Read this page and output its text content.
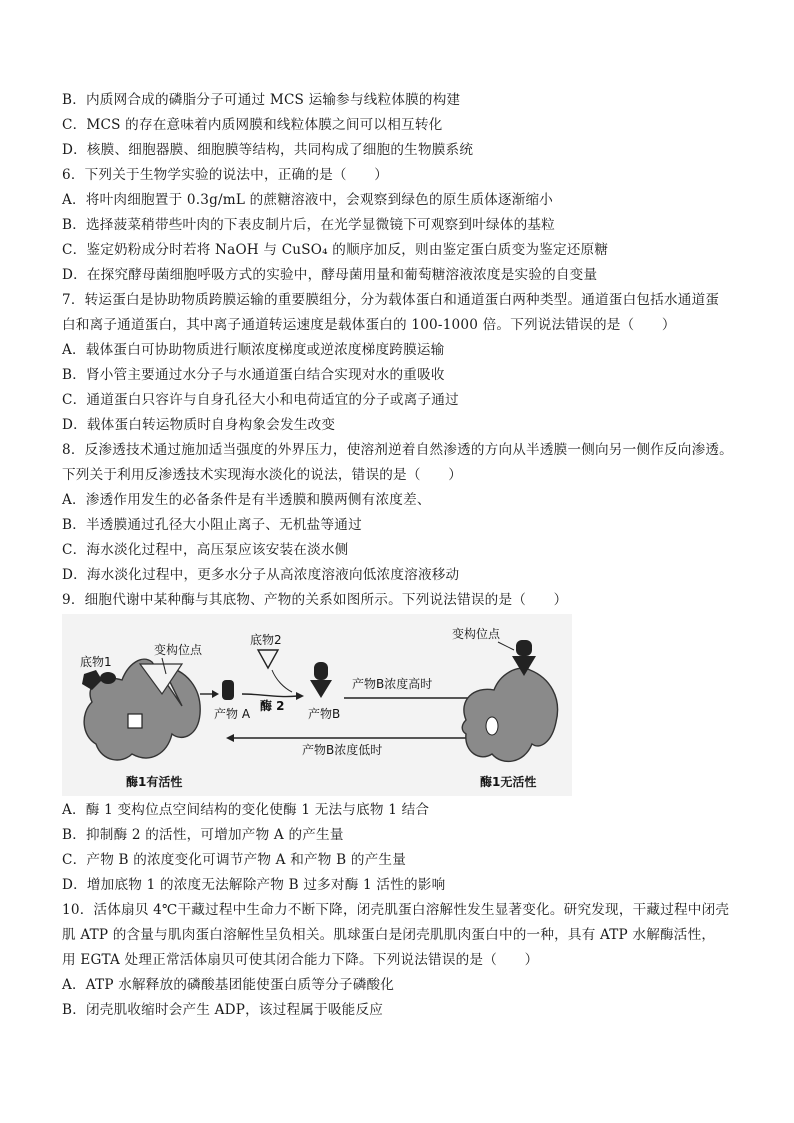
B．内质网合成的磷脂分子可通过 MCS 运输参与线粒体膜的构建
C．MCS 的存在意味着内质网膜和线粒体膜之间可以相互转化
D．核膜、细胞器膜、细胞膜等结构，共同构成了细胞的生物膜系统
6．下列关于生物学实验的说法中，正确的是（　　）
A．将叶肉细胞置于 0.3g/mL 的蔗糖溶液中，会观察到绿色的原生质体逐渐缩小
B．选择菠菜稍带些叶肉的下表皮制片后，在光学显微镜下可观察到叶绿体的基粒
C．鉴定奶粉成分时若将 NaOH 与 CuSO₄ 的顺序加反，则由鉴定蛋白质变为鉴定还原糖
D．在探究酵母菌细胞呼吸方式的实验中，酵母菌用量和葡萄糖溶液浓度是实验的自变量
7．转运蛋白是协助物质跨膜运输的重要膜组分，分为载体蛋白和通道蛋白两种类型。通道蛋白包括水通道蛋
白和离子通道蛋白，其中离子通道转运速度是载体蛋白的 100-1000 倍。下列说法错误的是（　　）
A．载体蛋白可协助物质进行顺浓度梯度或逆浓度梯度跨膜运输
B．肾小管主要通过水分子与水通道蛋白结合实现对水的重吸收
C．通道蛋白只容许与自身孔径大小和电荷适宜的分子或离子通过
D．载体蛋白转运物质时自身构象会发生改变
8．反渗透技术通过施加适当强度的外界压力，使溶剂逆着自然渗透的方向从半透膜一侧向另一侧作反向渗透。
下列关于利用反渗透技术实现海水淡化的说法，错误的是（　　）
A．渗透作用发生的必备条件是有半透膜和膜两侧有浓度差、
B．半透膜通过孔径大小阻止离子、无机盐等通过
C．海水淡化过程中，高压泵应该安装在淡水侧
D．海水淡化过程中，更多水分子从高浓度溶液向低浓度溶液移动
9．细胞代谢中某种酶与其底物、产物的关系如图所示。下列说法错误的是（　　）
底物1
变构位点
产物 A
底物2
酶 2
产物B
产物B浓度高时
产物B浓度低时
变构位点
酶1有活性	酶1无活性
A．酶 1 变构位点空间结构的变化使酶 1 无法与底物 1 结合
B．抑制酶 2 的活性，可增加产物 A 的产生量
C．产物 B 的浓度变化可调节产物 A 和产物 B 的产生量
D．增加底物 1 的浓度无法解除产物 B 过多对酶 1 活性的影响
10．活体扇贝 4℃干藏过程中生命力不断下降，闭壳肌蛋白溶解性发生显著变化。研究发现，干藏过程中闭壳
肌 ATP 的含量与肌肉蛋白溶解性呈负相关。肌球蛋白是闭壳肌肌肉蛋白中的一种，具有 ATP 水解酶活性，
用 EGTA 处理正常活体扇贝可使其闭合能力下降。下列说法错误的是（　　）
A．ATP 水解释放的磷酸基团能使蛋白质等分子磷酸化
B．闭壳肌收缩时会产生 ADP，该过程属于吸能反应
